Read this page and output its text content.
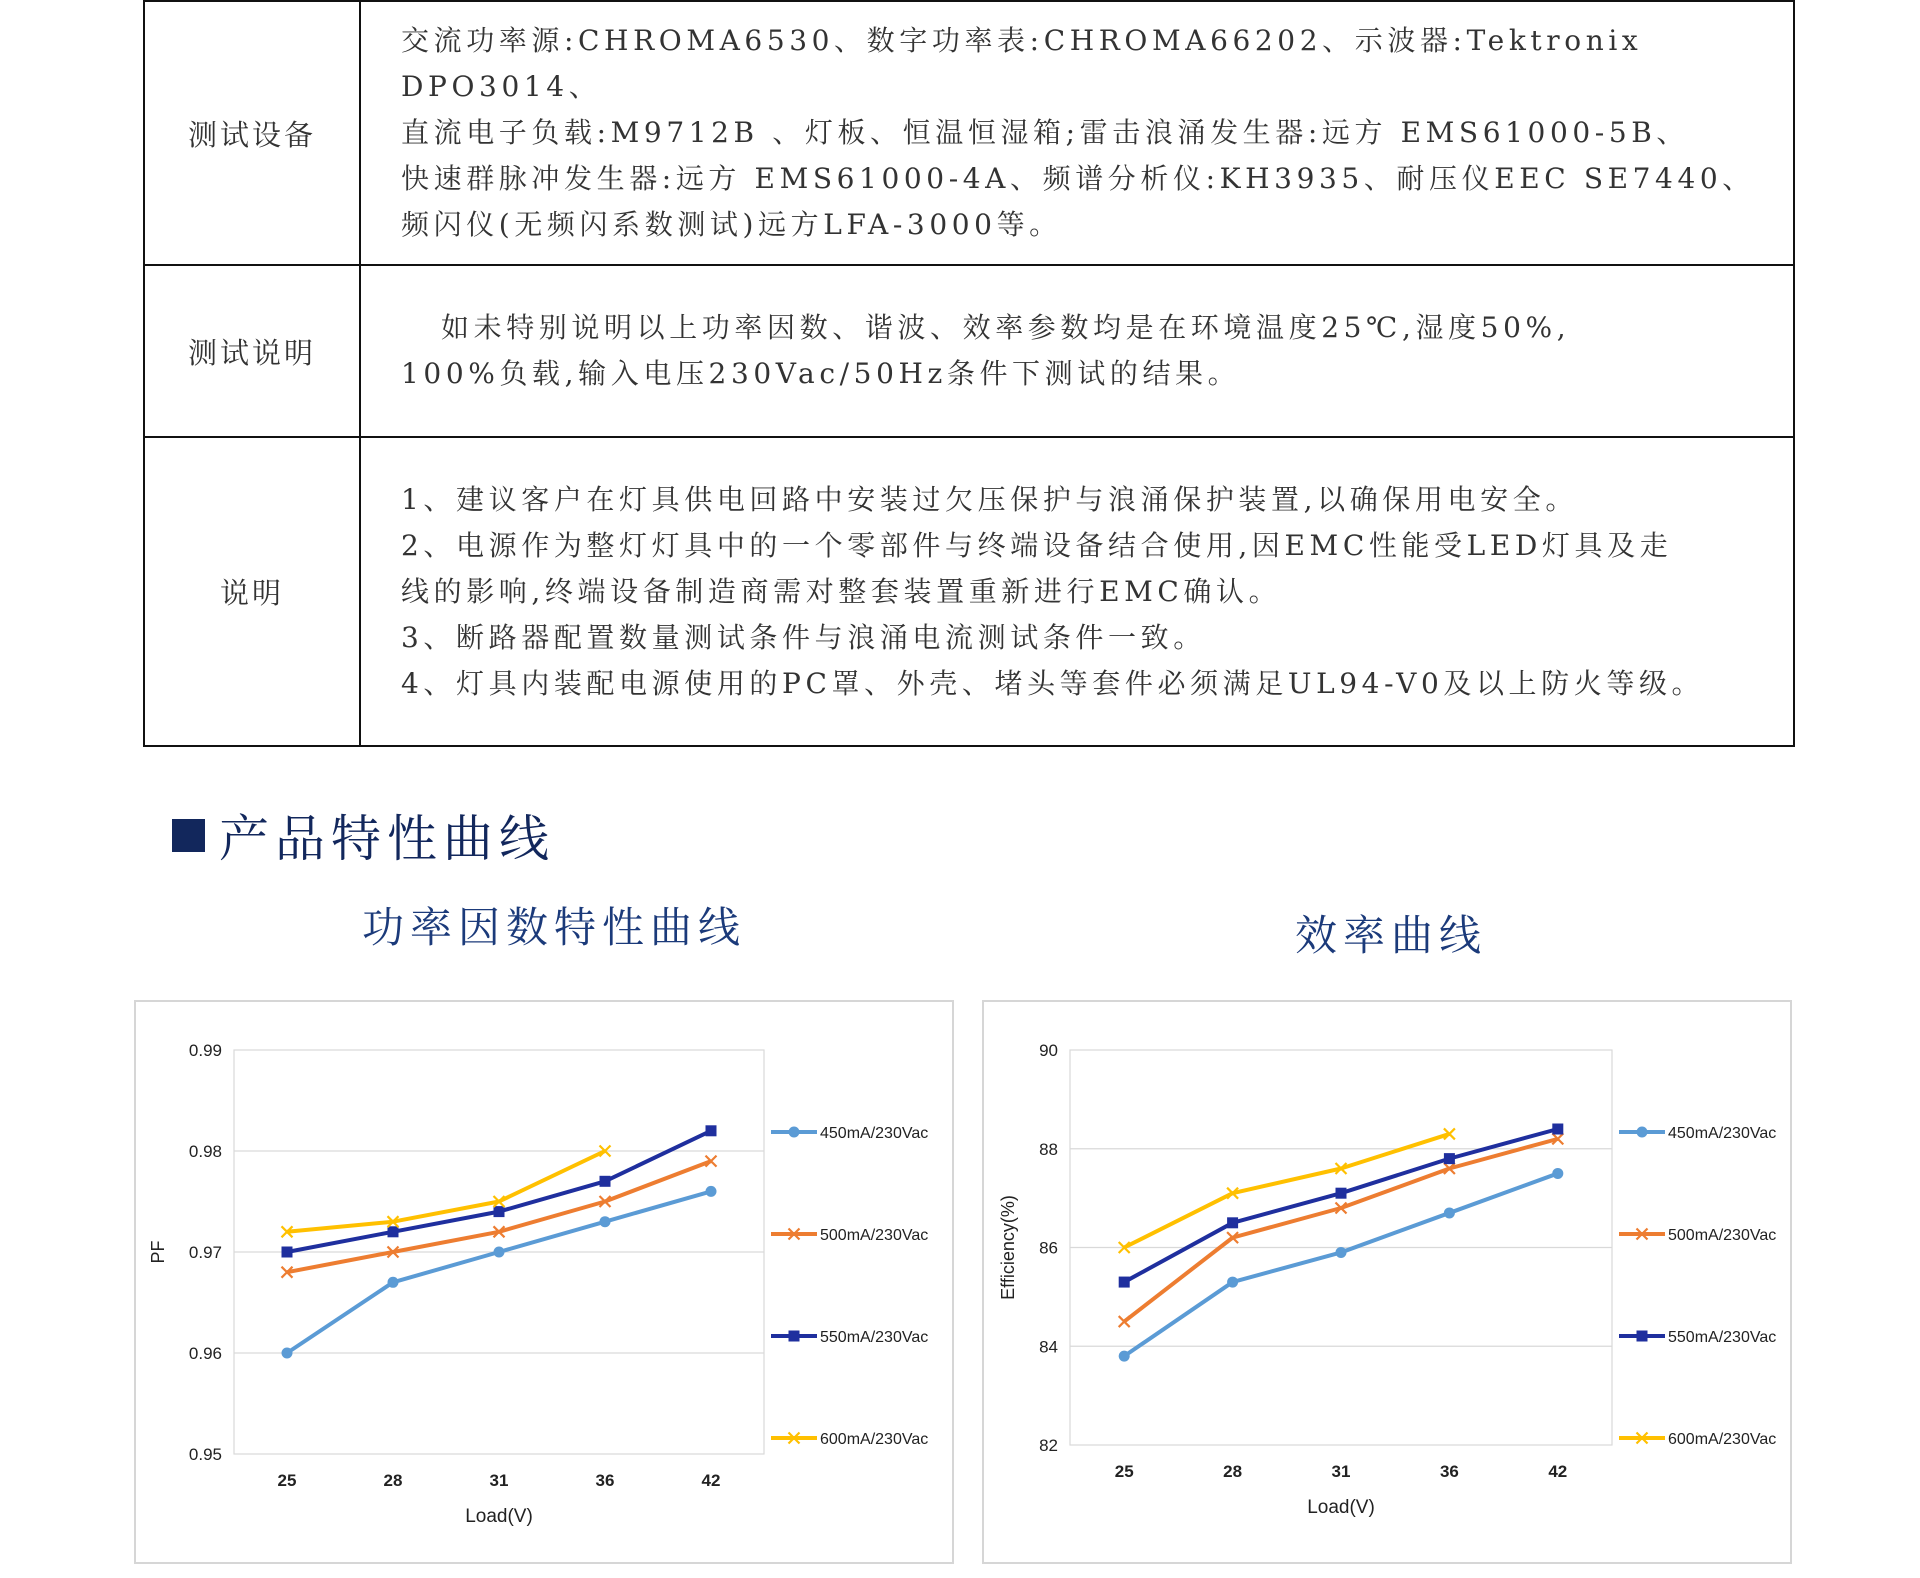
测试设备
交流功率源:CHROMA6530、数字功率表:CHROMA66202、示波器:Tektronix DPO3014、
直流电子负载:M9712B 、灯板、恒温恒湿箱;雷击浪涌发生器:远方 EMS61000-5B、
快速群脉冲发生器:远方 EMS61000-4A、频谱分析仪:KH3935、耐压仪EEC SE7440、
频闪仪(无频闪系数测试)远方LFA-3000等。
测试说明
如未特别说明以上功率因数、谐波、效率参数均是在环境温度25℃,湿度50%,
100%负载,输入电压230Vac/50Hz条件下测试的结果。
说明
1、建议客户在灯具供电回路中安装过欠压保护与浪涌保护装置,以确保用电安全。
2、电源作为整灯灯具中的一个零部件与终端设备结合使用,因EMC性能受LED灯具及走
线的影响,终端设备制造商需对整套装置重新进行EMC确认。
3、断路器配置数量测试条件与浪涌电流测试条件一致。
4、灯具内装配电源使用的PC罩、外壳、堵头等套件必须满足UL94-V0及以上防火等级。
产品特性曲线
功率因数特性曲线	效率曲线
0.95
0.96
0.97
0.98
0.99
25	28	31	36	42
Load(V)
PF
450mA/230Vac
500mA/230Vac
550mA/230Vac
600mA/230Vac	82
84
86
88
90
25	28	31	36	42
Load(V)
Efficiency(%)
450mA/230Vac
500mA/230Vac
550mA/230Vac
600mA/230Vac
